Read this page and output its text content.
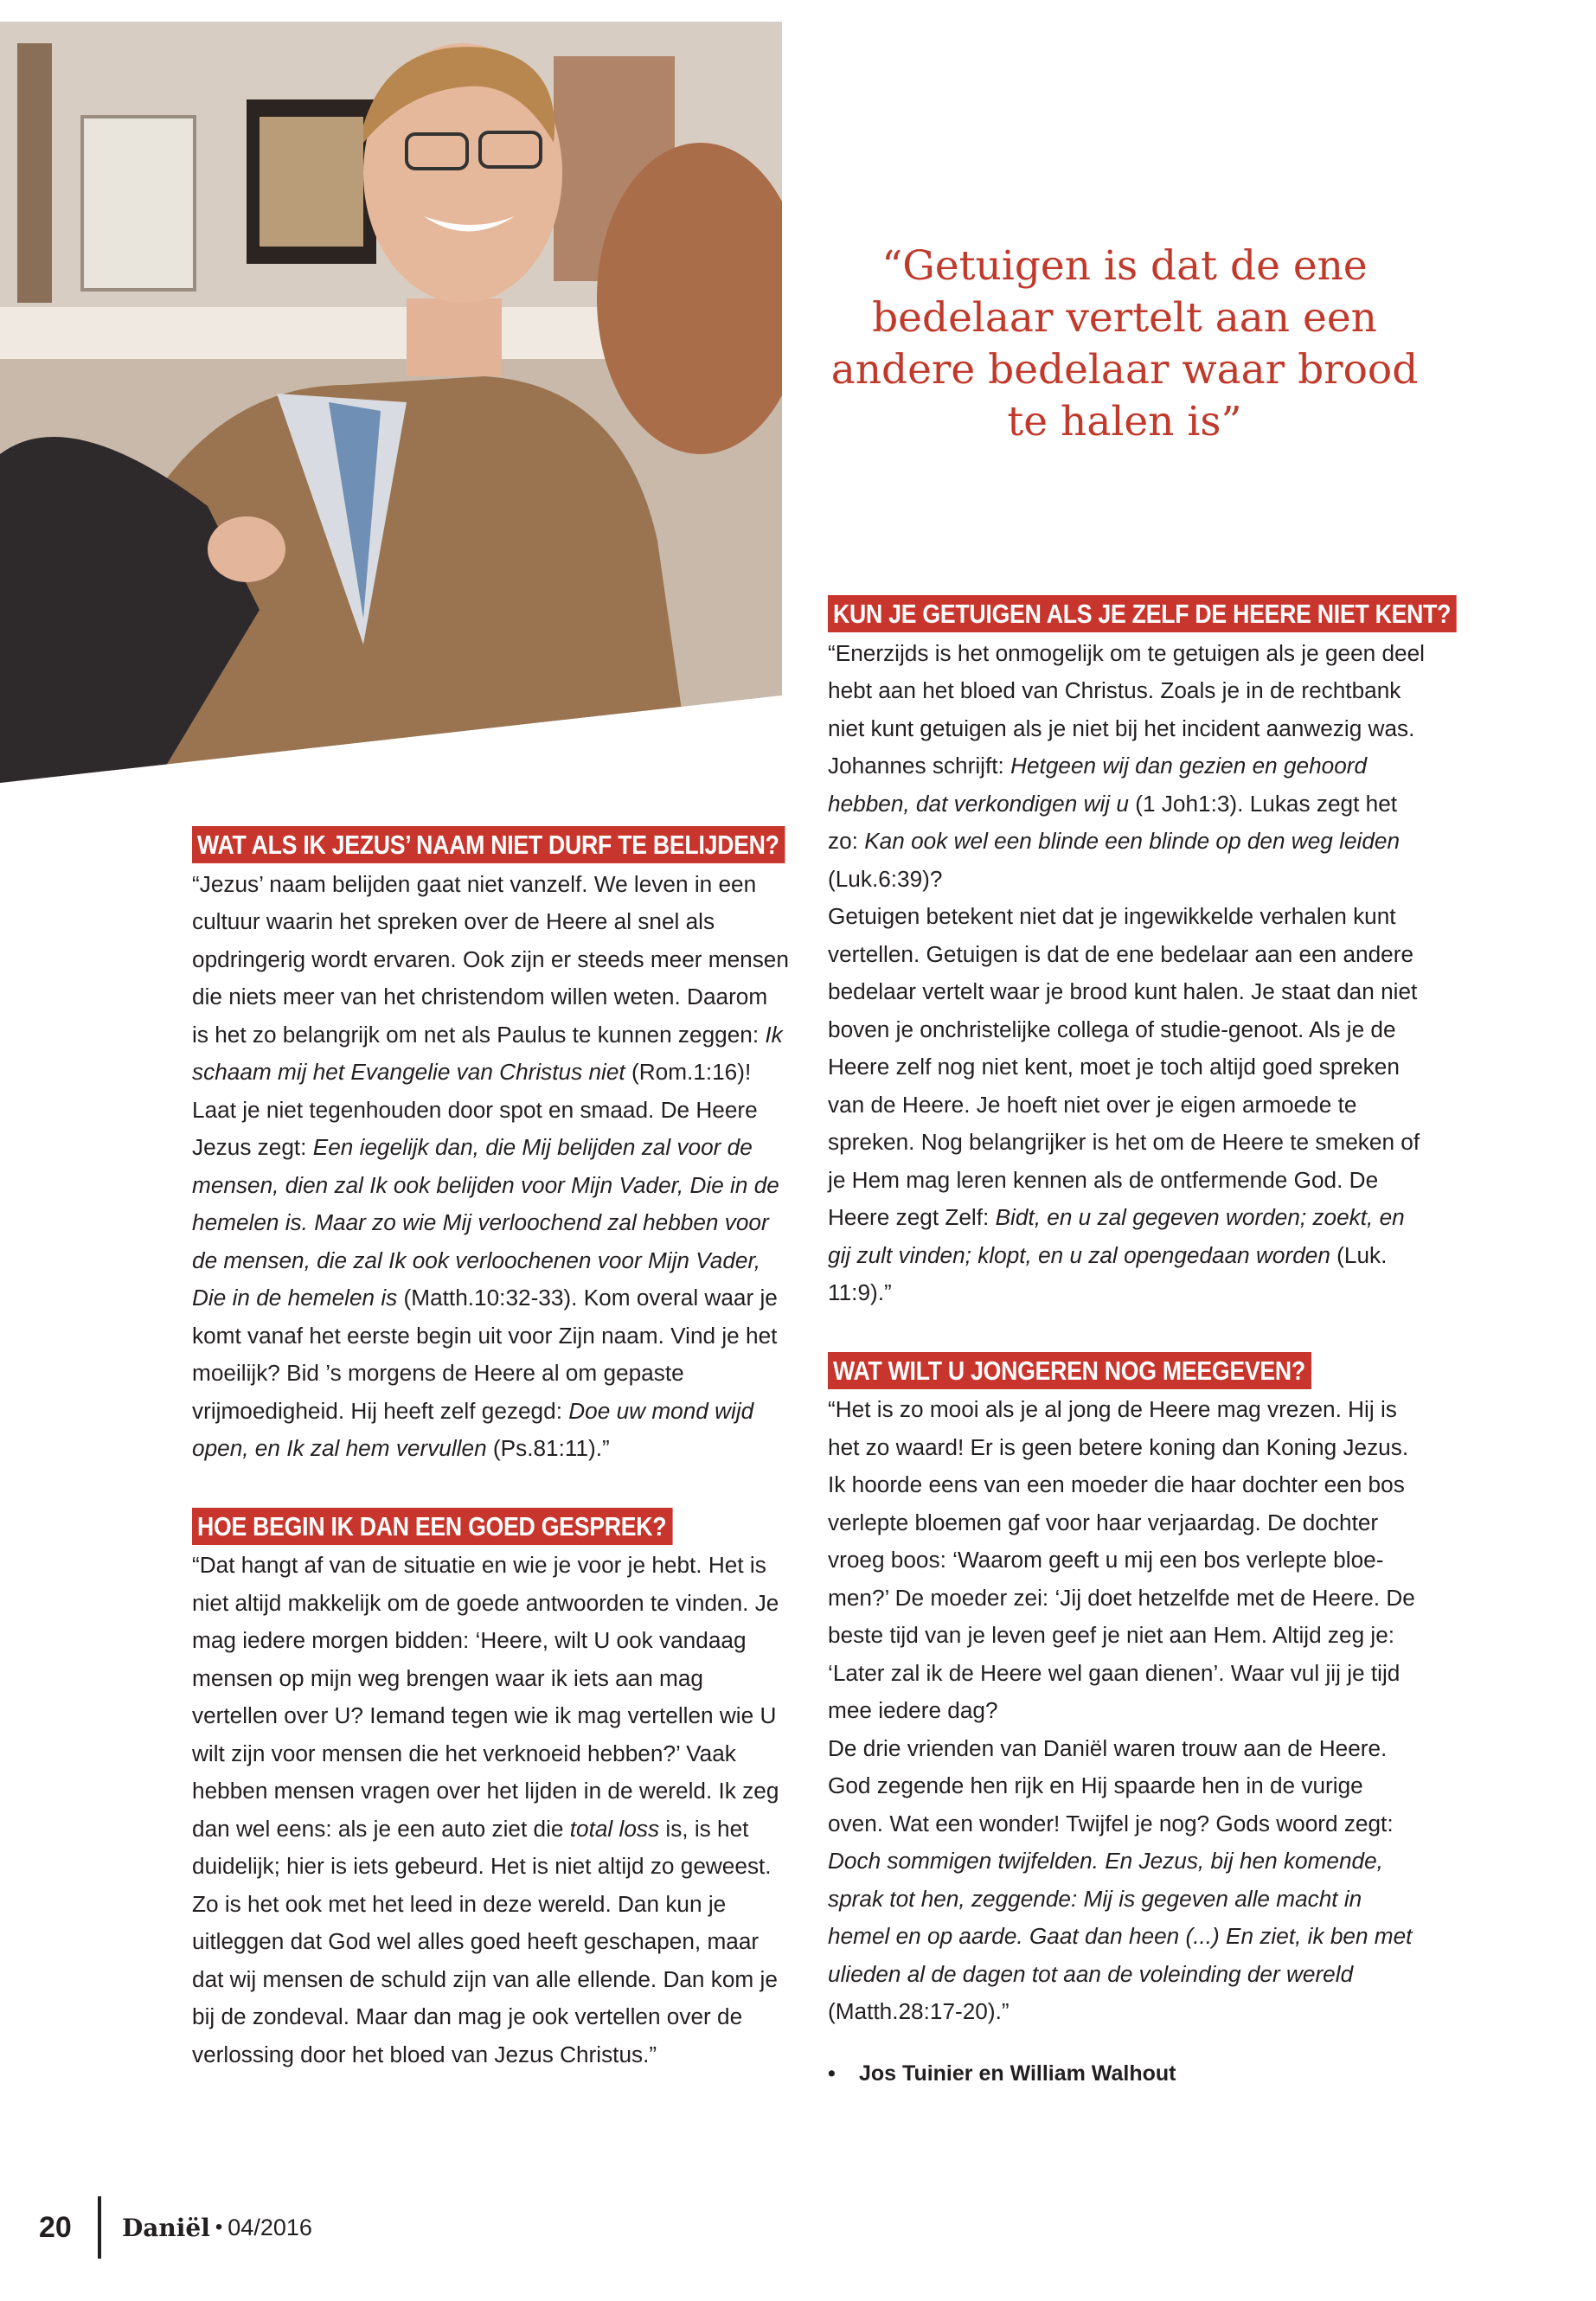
“Getuigen is dat de ene
bedelaar vertelt aan een
andere bedelaar waar brood
te halen is”
WAT ALS IK JEZUS’ NAAM NIET DURF TE BELIJDEN?

“Jezus’ naam belijden gaat niet vanzelf. We leven in een cultuur waarin het spreken over de Heere al snel als opdringerig wordt ervaren. Ook zijn er steeds meer mensen die niets meer van het christendom willen weten. Daarom is het zo belangrijk om net als Paulus te kunnen zeggen: Ik schaam mij het Evangelie van Christus niet (Rom.1:16)! Laat je niet tegenhouden door spot en smaad. De Heere Jezus zegt: Een iegelijk dan, die Mij belijden zal voor de mensen, dien zal Ik ook belijden voor Mijn Vader, Die in de hemelen is. Maar zo wie Mij verloochend zal hebben voor de mensen, die zal Ik ook verloochenen voor Mijn Vader, Die in de hemelen is (Matth.10:32-33). Kom overal waar je komt vanaf het eerste begin uit voor Zijn naam. Vind je het moeilijk? Bid ’s morgens de Heere al om gepaste vrijmoedigheid. Hij heeft zelf gezegd: Doe uw mond wijd open, en Ik zal hem vervullen (Ps.81:11).”

HOE BEGIN IK DAN EEN GOED GESPREK?

“Dat hangt af van de situatie en wie je voor je hebt. Het is niet altijd makkelijk om de goede antwoorden te vinden. Je mag iedere morgen bidden: ‘Heere, wilt U ook vandaag mensen op mijn weg brengen waar ik iets aan mag vertellen over U? Iemand tegen wie ik mag vertellen wie U wilt zijn voor mensen die het verknoeid hebben?’ Vaak hebben mensen vragen over het lijden in de wereld. Ik zeg dan wel eens: als je een auto ziet die total loss is, is het duidelijk; hier is iets gebeurd. Het is niet altijd zo geweest. Zo is het ook met het leed in deze wereld. Dan kun je uitleggen dat God wel alles goed heeft geschapen, maar dat wij mensen de schuld zijn van alle ellende. Dan kom je bij de zondeval. Maar dan mag je ook vertellen over de verlossing door het bloed van Jezus Christus.”

KUN JE GETUIGEN ALS JE ZELF DE HEERE NIET KENT?

“Enerzijds is het onmogelijk om te getuigen als je geen deel hebt aan het bloed van Christus. Zoals je in de rechtbank niet kunt getuigen als je niet bij het incident aanwezig was. Johannes schrijft: Hetgeen wij dan gezien en gehoord hebben, dat verkondigen wij u (1 Joh1:3). Lukas zegt het zo: Kan ook wel een blinde een blinde op den weg leiden (Luk.6:39)?

Getuigen betekent niet dat je ingewikkelde verhalen kunt vertellen. Getuigen is dat de ene bedelaar aan een andere bedelaar vertelt waar je brood kunt halen. Je staat dan niet boven je onchristelijke collega of studie-genoot. Als je de Heere zelf nog niet kent, moet je toch altijd goed spreken van de Heere. Je hoeft niet over je eigen armoede te spreken. Nog belangrijker is het om de Heere te smeken of je Hem mag leren kennen als de ontfermende God. De Heere zegt Zelf: Bidt, en u zal gegeven worden; zoekt, en gij zult vinden; klopt, en u zal opengedaan worden (Luk. 11:9).”

WAT WILT U JONGEREN NOG MEEGEVEN?

“Het is zo mooi als je al jong de Heere mag vrezen. Hij is het zo waard! Er is geen betere koning dan Koning Jezus. Ik hoorde eens van een moeder die haar dochter een bos verlepte bloemen gaf voor haar verjaardag. De dochter vroeg boos: ‘Waarom geeft u mij een bos verlepte bloe-men?’ De moeder zei: ‘Jij doet hetzelfde met de Heere. De beste tijd van je leven geef je niet aan Hem. Altijd zeg je: ‘Later zal ik de Heere wel gaan dienen’. Waar vul jij je tijd mee iedere dag?

De drie vrienden van Daniël waren trouw aan de Heere. God zegende hen rijk en Hij spaarde hen in de vurige oven. Wat een wonder! Twijfel je nog? Gods woord zegt: Doch sommigen twijfelden. En Jezus, bij hen komende, sprak tot hen, zeggende: Mij is gegeven alle macht in hemel en op aarde. Gaat dan heen (...) En ziet, ik ben met ulieden al de dagen tot aan de voleinding der wereld (Matth.28:17-20).”

• Jos Tuinier en William Walhout
20	Daniël • 04/2016
